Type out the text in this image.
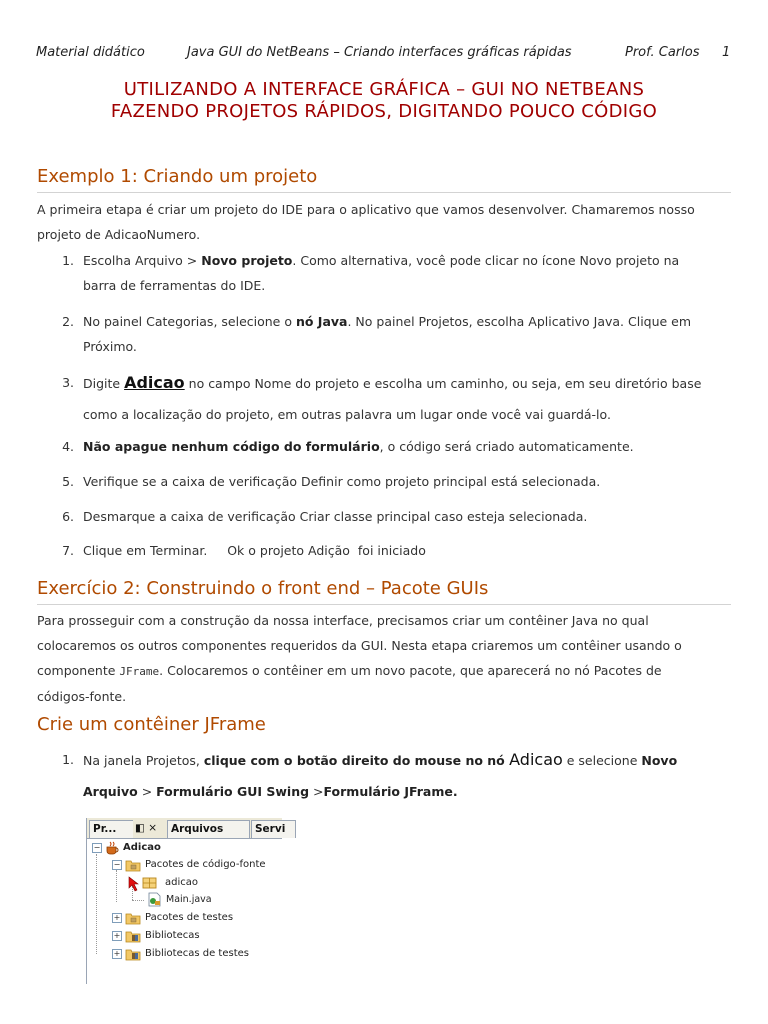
Material didático	Java GUI do NetBeans – Criando interfaces gráficas rápidas	Prof. Carlos 1
UTILIZANDO A INTERFACE GRÁFICA – GUI NO NETBEANS
FAZENDO PROJETOS RÁPIDOS, DIGITANDO POUCO CÓDIGO
Exemplo 1: Criando um projeto
A primeira etapa é criar um projeto do IDE para o aplicativo que vamos desenvolver. Chamaremos nosso
projeto de AdicaoNumero.
1. Escolha Arquivo > Novo projeto. Como alternativa, você pode clicar no ícone Novo projeto na
barra de ferramentas do IDE.
2. No painel Categorias, selecione o nó Java. No painel Projetos, escolha Aplicativo Java. Clique em
Próximo.
3. Digite Adicao no campo Nome do projeto e escolha um caminho, ou seja, em seu diretório base
como a localização do projeto, em outras palavra um lugar onde você vai guardá-lo.
4. Não apague nenhum código do formulário, o código será criado automaticamente.
5. Verifique se a caixa de verificação Definir como projeto principal está selecionada.
6. Desmarque a caixa de verificação Criar classe principal caso esteja selecionada.
7. Clique em Terminar.     Ok o projeto Adição  foi iniciado
Exercício 2: Construindo o front end – Pacote GUIs
Para prosseguir com a construção da nossa interface, precisamos criar um contêiner Java no qual
colocaremos os outros componentes requeridos da GUI. Nesta etapa criaremos um contêiner usando o
componente JFrame. Colocaremos o contêiner em um novo pacote, que aparecerá no nó Pacotes de
códigos-fonte.
Crie um contêiner JFrame
1. Na janela Projetos, clique com o botão direito do mouse no nó Adicao e selecione Novo
Arquivo > Formulário GUI Swing >Formulário JFrame.
Pr...	◧ ×	Arquivos	Servi
− Adicao
− Pacotes de código-fonte
adicao
Main.java
+ Pacotes de testes
+ Bibliotecas
+ Bibliotecas de testes
